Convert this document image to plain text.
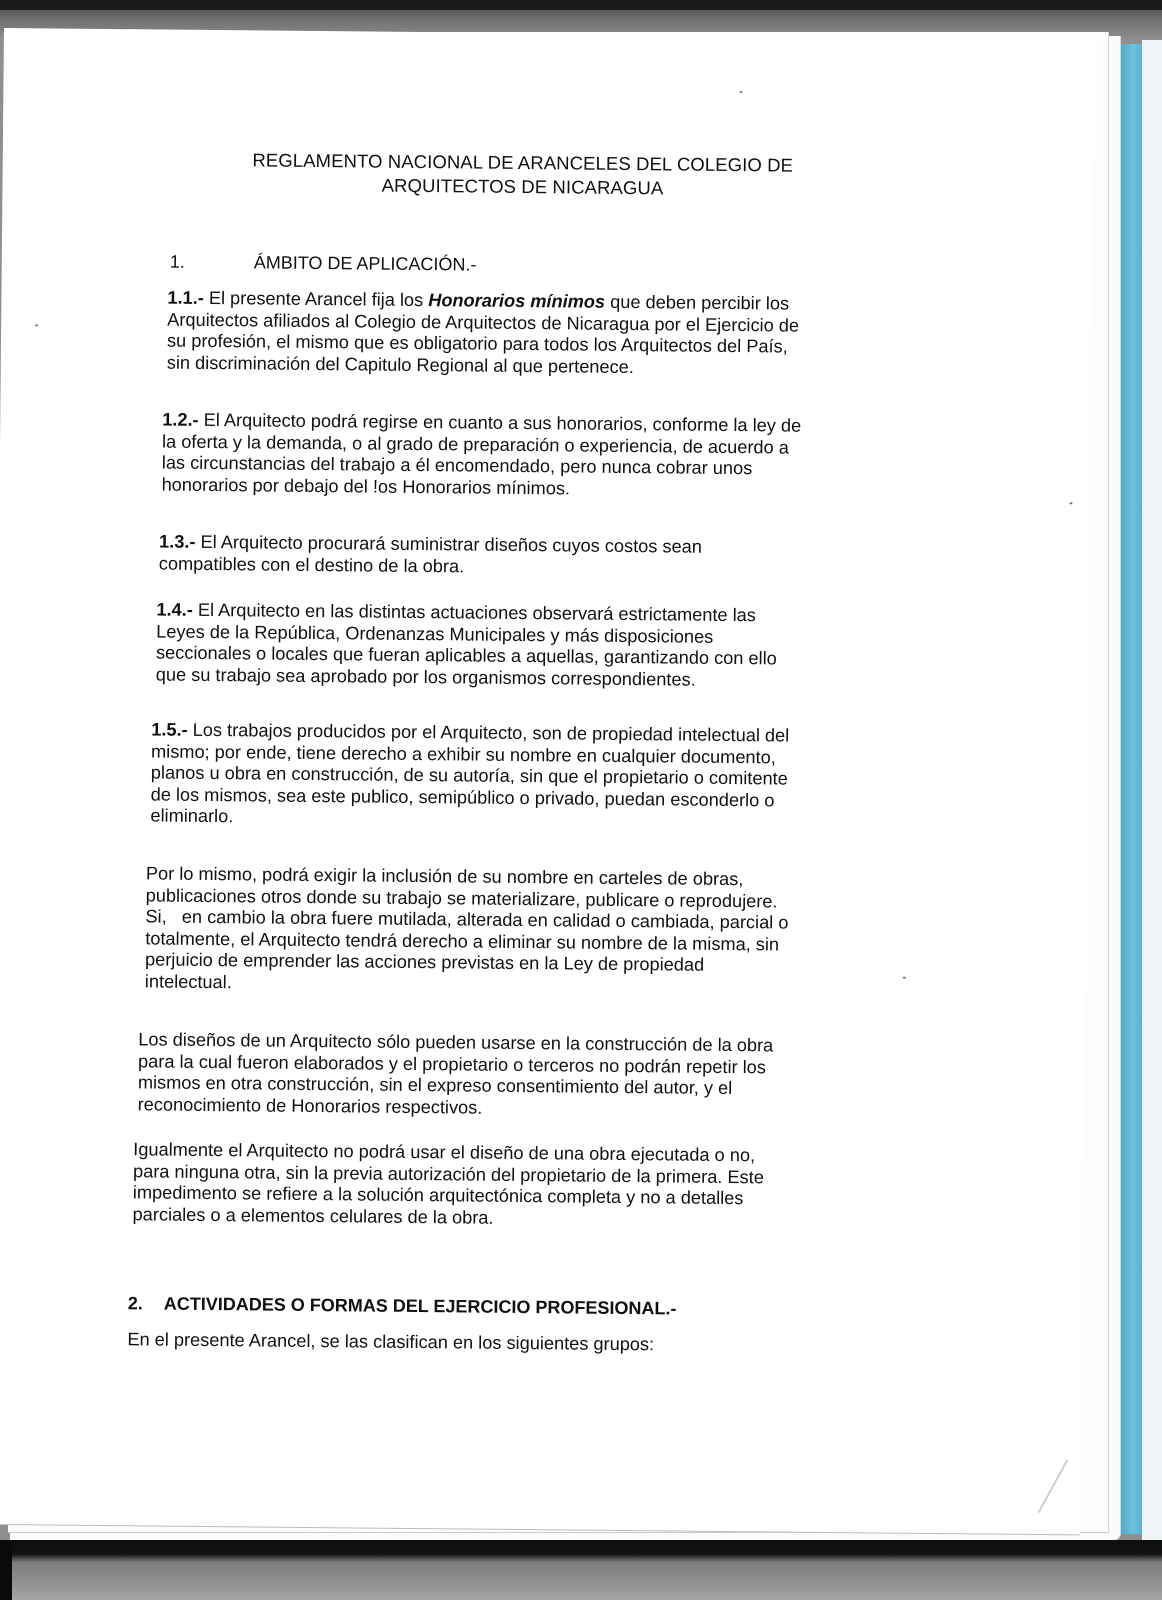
REGLAMENTO NACIONAL DE ARANCELES DEL COLEGIO DE
ARQUITECTOS DE NICARAGUA
1.	ÁMBITO DE APLICACIÓN.-
1.1.- El presente Arancel fija los Honorarios mínimos que deben percibir los
Arquitectos afiliados al Colegio de Arquitectos de Nicaragua por el Ejercicio de
su profesión, el mismo que es obligatorio para todos los Arquitectos del País,
sin discriminación del Capitulo Regional al que pertenece.
1.2.- El Arquitecto podrá regirse en cuanto a sus honorarios, conforme la ley de
la oferta y la demanda, o al grado de preparación o experiencia, de acuerdo a
las circunstancias del trabajo a él encomendado, pero nunca cobrar unos
honorarios por debajo del !os Honorarios mínimos.
1.3.- El Arquitecto procurará suministrar diseños cuyos costos sean
compatibles con el destino de la obra.
1.4.- El Arquitecto en las distintas actuaciones observará estrictamente las
Leyes de la República, Ordenanzas Municipales y más disposiciones
seccionales o locales que fueran aplicables a aquellas, garantizando con ello
que su trabajo sea aprobado por los organismos correspondientes.
1.5.- Los trabajos producidos por el Arquitecto, son de propiedad intelectual del
mismo; por ende, tiene derecho a exhibir su nombre en cualquier documento,
planos u obra en construcción, de su autoría, sin que el propietario o comitente
de los mismos, sea este publico, semipúblico o privado, puedan esconderlo o
eliminarlo.
Por lo mismo, podrá exigir la inclusión de su nombre en carteles de obras,
publicaciones otros donde su trabajo se materializare, publicare o reprodujere.
Si,   en cambio la obra fuere mutilada, alterada en calidad o cambiada, parcial o
totalmente, el Arquitecto tendrá derecho a eliminar su nombre de la misma, sin
perjuicio de emprender las acciones previstas en la Ley de propiedad
intelectual.
Los diseños de un Arquitecto sólo pueden usarse en la construcción de la obra
para la cual fueron elaborados y el propietario o terceros no podrán repetir los
mismos en otra construcción, sin el expreso consentimiento del autor, y el
reconocimiento de Honorarios respectivos.
Igualmente el Arquitecto no podrá usar el diseño de una obra ejecutada o no,
para ninguna otra, sin la previa autorización del propietario de la primera. Este
impedimento se refiere a la solución arquitectónica completa y no a detalles
parciales o a elementos celulares de la obra.
2. ACTIVIDADES O FORMAS DEL EJERCICIO PROFESIONAL.-
En el presente Arancel, se las clasifican en los siguientes grupos:
